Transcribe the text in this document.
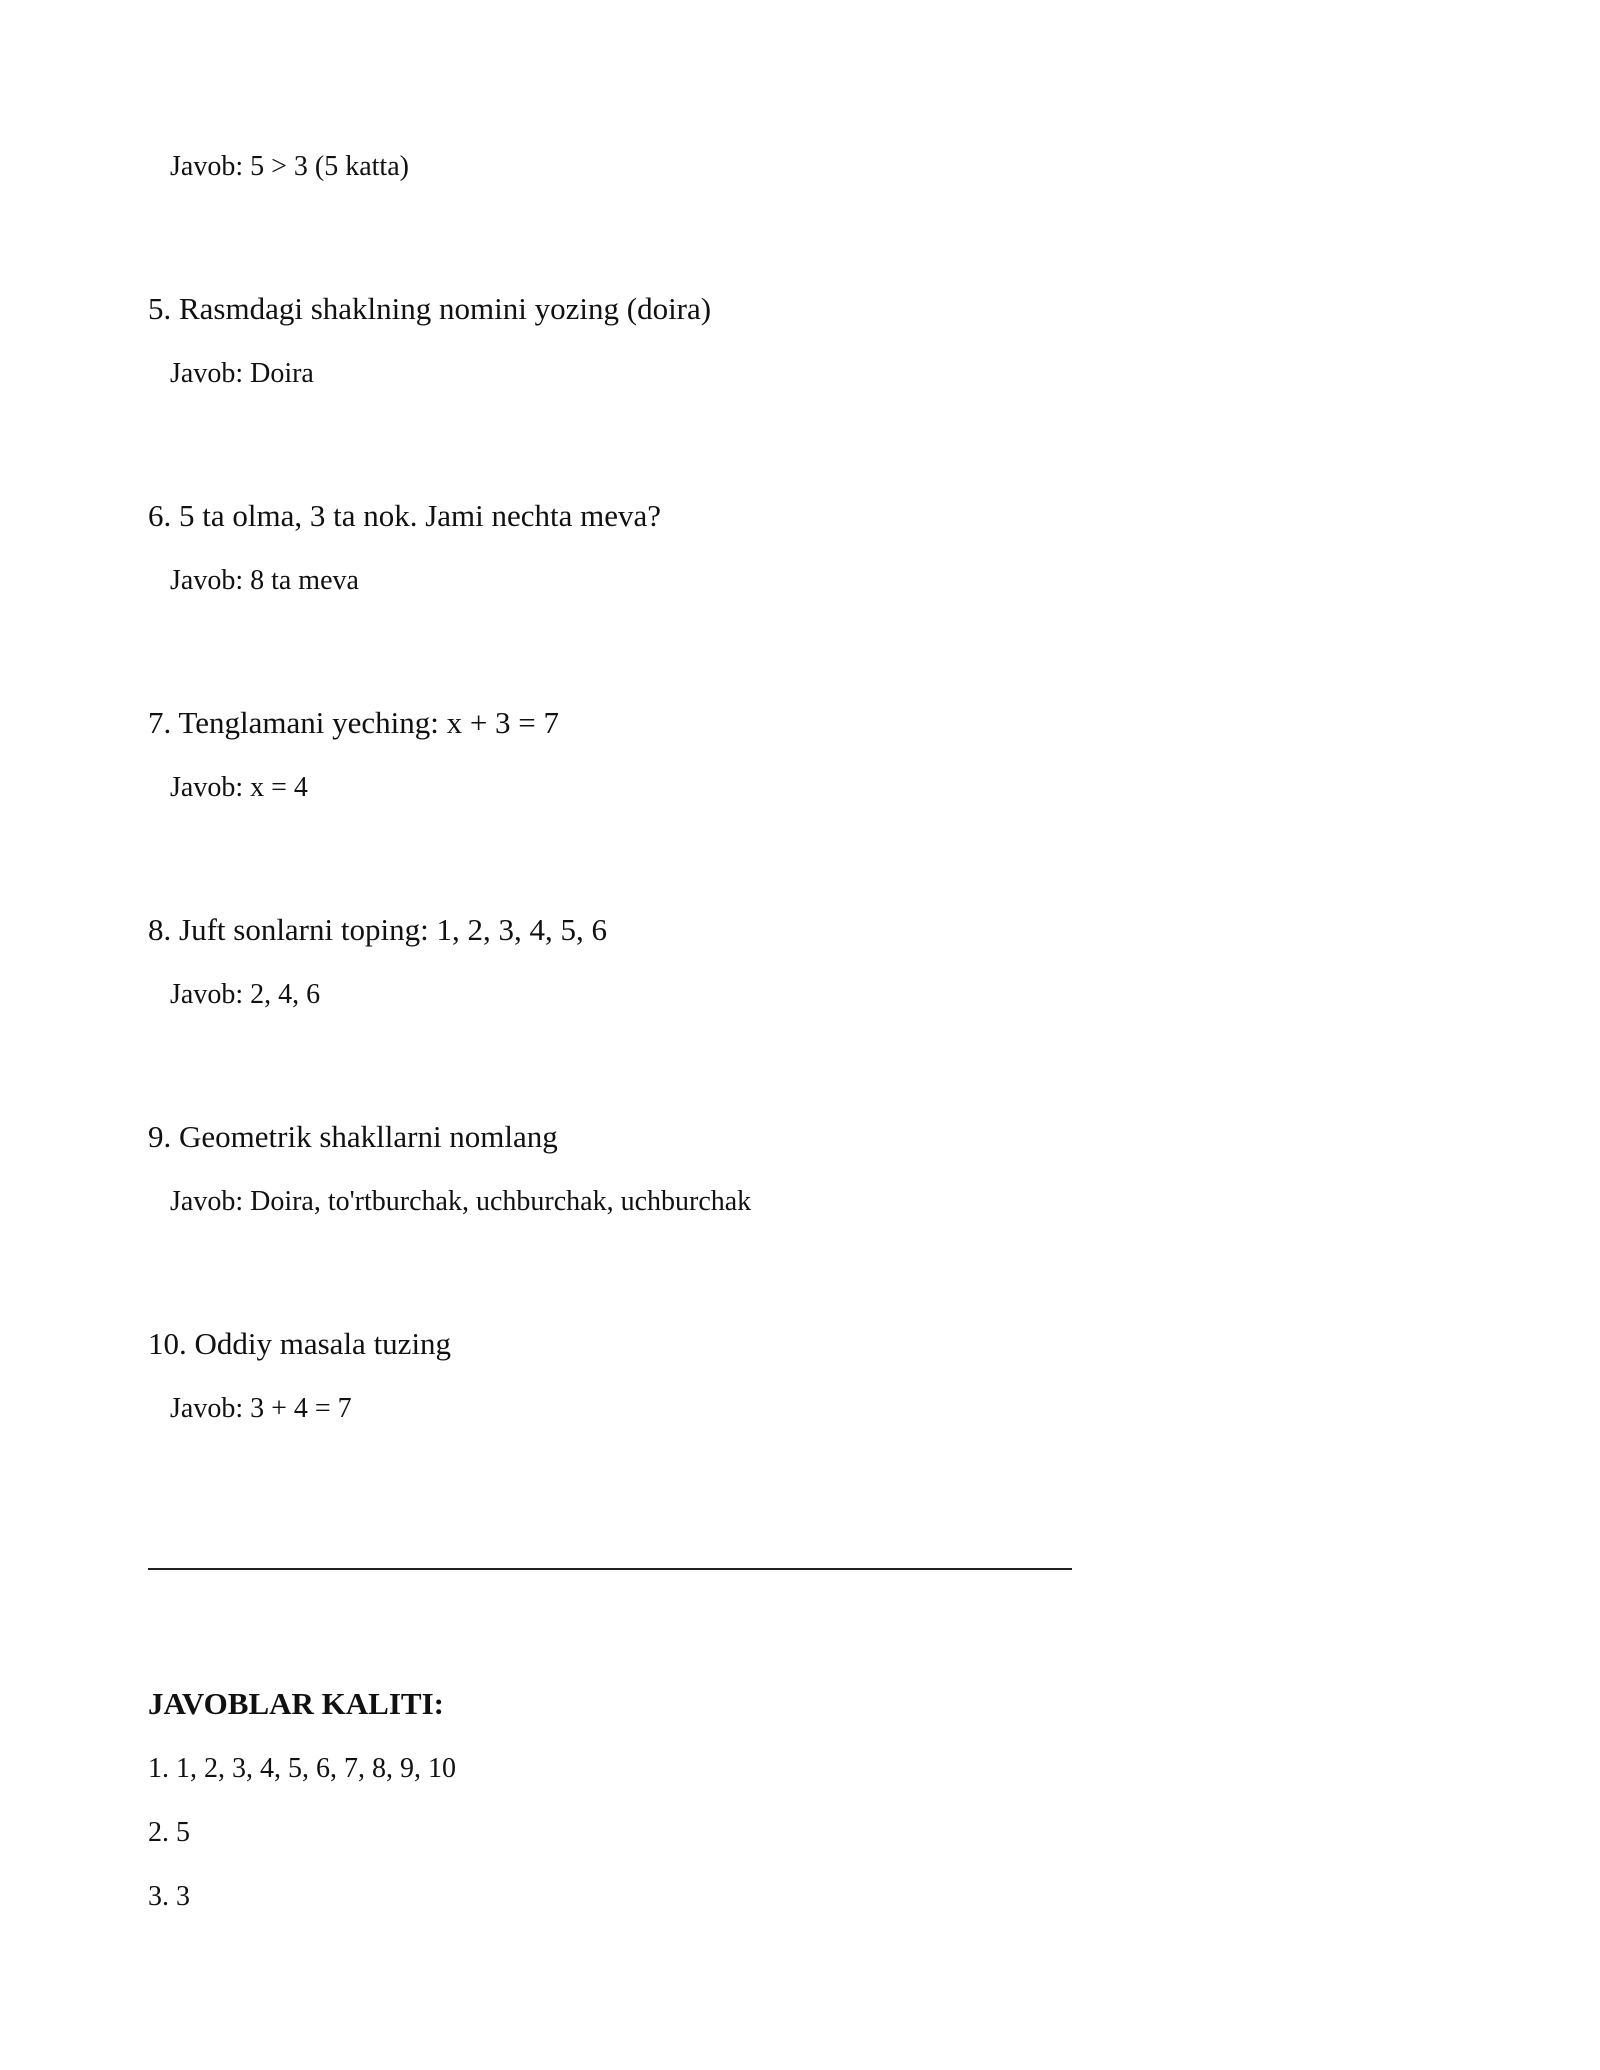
Javob: 5 > 3 (5 katta)
5. Rasmdagi shaklning nomini yozing (doira)
Javob: Doira
6. 5 ta olma, 3 ta nok. Jami nechta meva?
Javob: 8 ta meva
7. Tenglamani yeching: x + 3 = 7
Javob: x = 4
8. Juft sonlarni toping: 1, 2, 3, 4, 5, 6
Javob: 2, 4, 6
9. Geometrik shakllarni nomlang
Javob: Doira, to'rtburchak, uchburchak, uchburchak
10. Oddiy masala tuzing
Javob: 3 + 4 = 7
JAVOBLAR KALITI:
1. 1, 2, 3, 4, 5, 6, 7, 8, 9, 10
2. 5
3. 3
